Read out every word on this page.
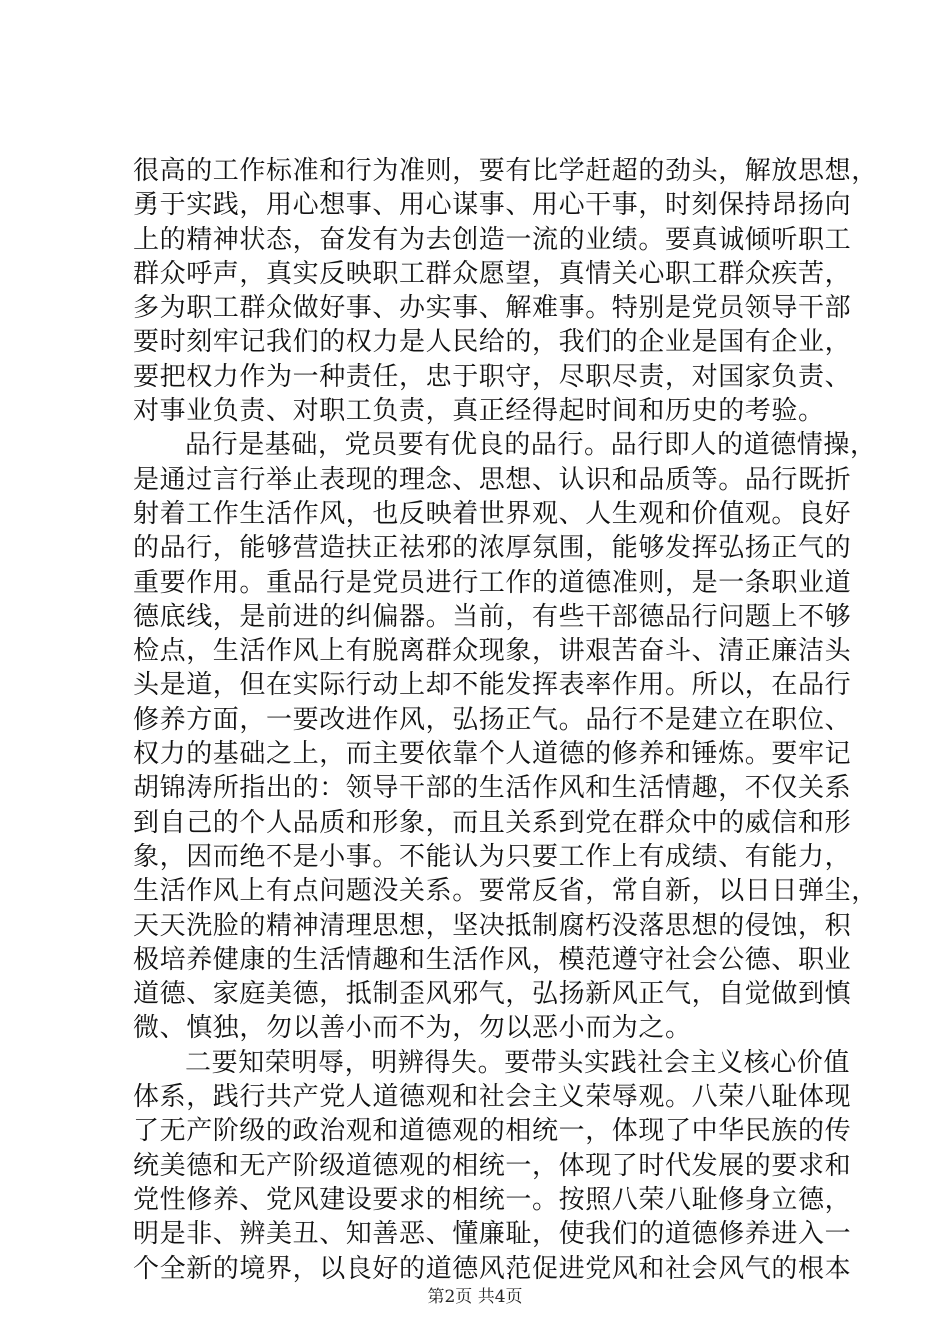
很高的工作标准和行为准则，要有比学赶超的劲头，解放思想，
勇于实践，用心想事、用心谋事、用心干事，时刻保持昂扬向
上的精神状态，奋发有为去创造一流的业绩。要真诚倾听职工
群众呼声，真实反映职工群众愿望，真情关心职工群众疾苦，
多为职工群众做好事、办实事、解难事。特别是党员领导干部
要时刻牢记我们的权力是人民给的，我们的企业是国有企业，
要把权力作为一种责任，忠于职守，尽职尽责，对国家负责、
对事业负责、对职工负责，真正经得起时间和历史的考验。
品行是基础，党员要有优良的品行。品行即人的道德情操，
是通过言行举止表现的理念、思想、认识和品质等。品行既折
射着工作生活作风，也反映着世界观、人生观和价值观。良好
的品行，能够营造扶正祛邪的浓厚氛围，能够发挥弘扬正气的
重要作用。重品行是党员进行工作的道德准则，是一条职业道
德底线，是前进的纠偏器。当前，有些干部德品行问题上不够
检点，生活作风上有脱离群众现象，讲艰苦奋斗、清正廉洁头
头是道，但在实际行动上却不能发挥表率作用。所以，在品行
修养方面，一要改进作风，弘扬正气。品行不是建立在职位、
权力的基础之上，而主要依靠个人道德的修养和锤炼。要牢记
胡锦涛所指出的：领导干部的生活作风和生活情趣，不仅关系
到自己的个人品质和形象，而且关系到党在群众中的威信和形
象，因而绝不是小事。不能认为只要工作上有成绩、有能力，
生活作风上有点问题没关系。要常反省，常自新，以日日弹尘，
天天洗脸的精神清理思想，坚决抵制腐朽没落思想的侵蚀，积
极培养健康的生活情趣和生活作风，模范遵守社会公德、职业
道德、家庭美德，抵制歪风邪气，弘扬新风正气，自觉做到慎
微、慎独，勿以善小而不为，勿以恶小而为之。
二要知荣明辱，明辨得失。要带头实践社会主义核心价值
体系，践行共产党人道德观和社会主义荣辱观。八荣八耻体现
了无产阶级的政治观和道德观的相统一，体现了中华民族的传
统美德和无产阶级道德观的相统一，体现了时代发展的要求和
党性修养、党风建设要求的相统一。按照八荣八耻修身立德，
明是非、辨美丑、知善恶、懂廉耻，使我们的道德修养进入一
个全新的境界，以良好的道德风范促进党风和社会风气的根本
第2页 共4页
